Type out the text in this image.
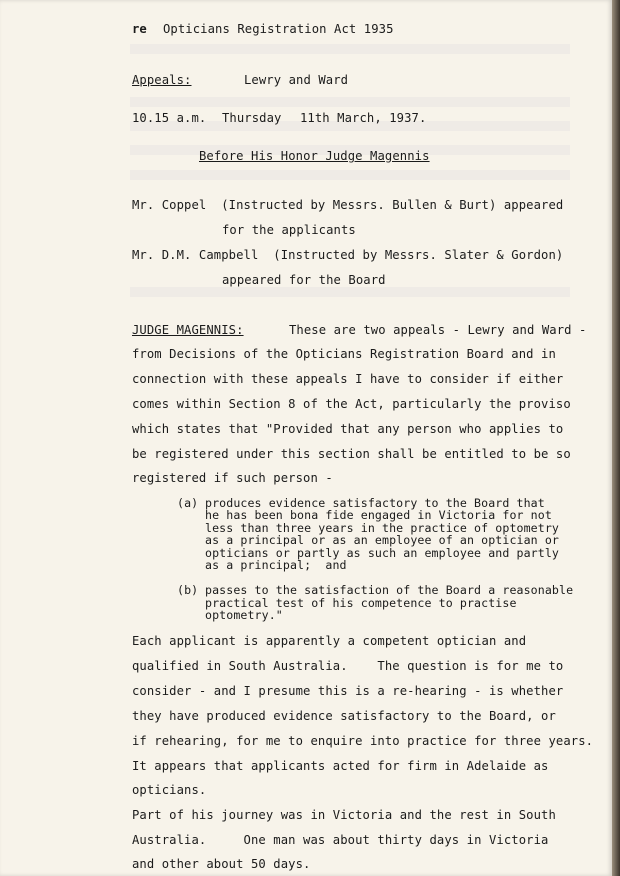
re Opticians Registration Act 1935
Appeals:	Lewry and Ward
10.15 a.m. Thursday 11th March, 1937.
Before His Honor Judge Magennis
Mr. Coppel  (Instructed by Messrs. Bullen & Burt) appeared
for the applicants
Mr. D.M. Campbell  (Instructed by Messrs. Slater & Gordon)
appeared for the Board
JUDGE MAGENNIS:	These are two appeals - Lewry and Ward -
from Decisions of the Opticians Registration Board and in
connection with these appeals I have to consider if either
comes within Section 8 of the Act, particularly the proviso
which states that "Provided that any person who applies to
be registered under this section shall be entitled to be so
registered if such person -
(a) produces evidence satisfactory to the Board that
he has been bona fide engaged in Victoria for not
less than three years in the practice of optometry
as a principal or as an employee of an optician or
opticians or partly as such an employee and partly
as a principal;  and
(b) passes to the satisfaction of the Board a reasonable
practical test of his competence to practise
optometry."
Each applicant is apparently a competent optician and
qualified in South Australia.    The question is for me to
consider - and I presume this is a re-hearing - is whether
they have produced evidence satisfactory to the Board, or
if rehearing, for me to enquire into practice for three years.
It appears that applicants acted for firm in Adelaide as
opticians.
Part of his journey was in Victoria and the rest in South
Australia.     One man was about thirty days in Victoria
and other about 50 days.
